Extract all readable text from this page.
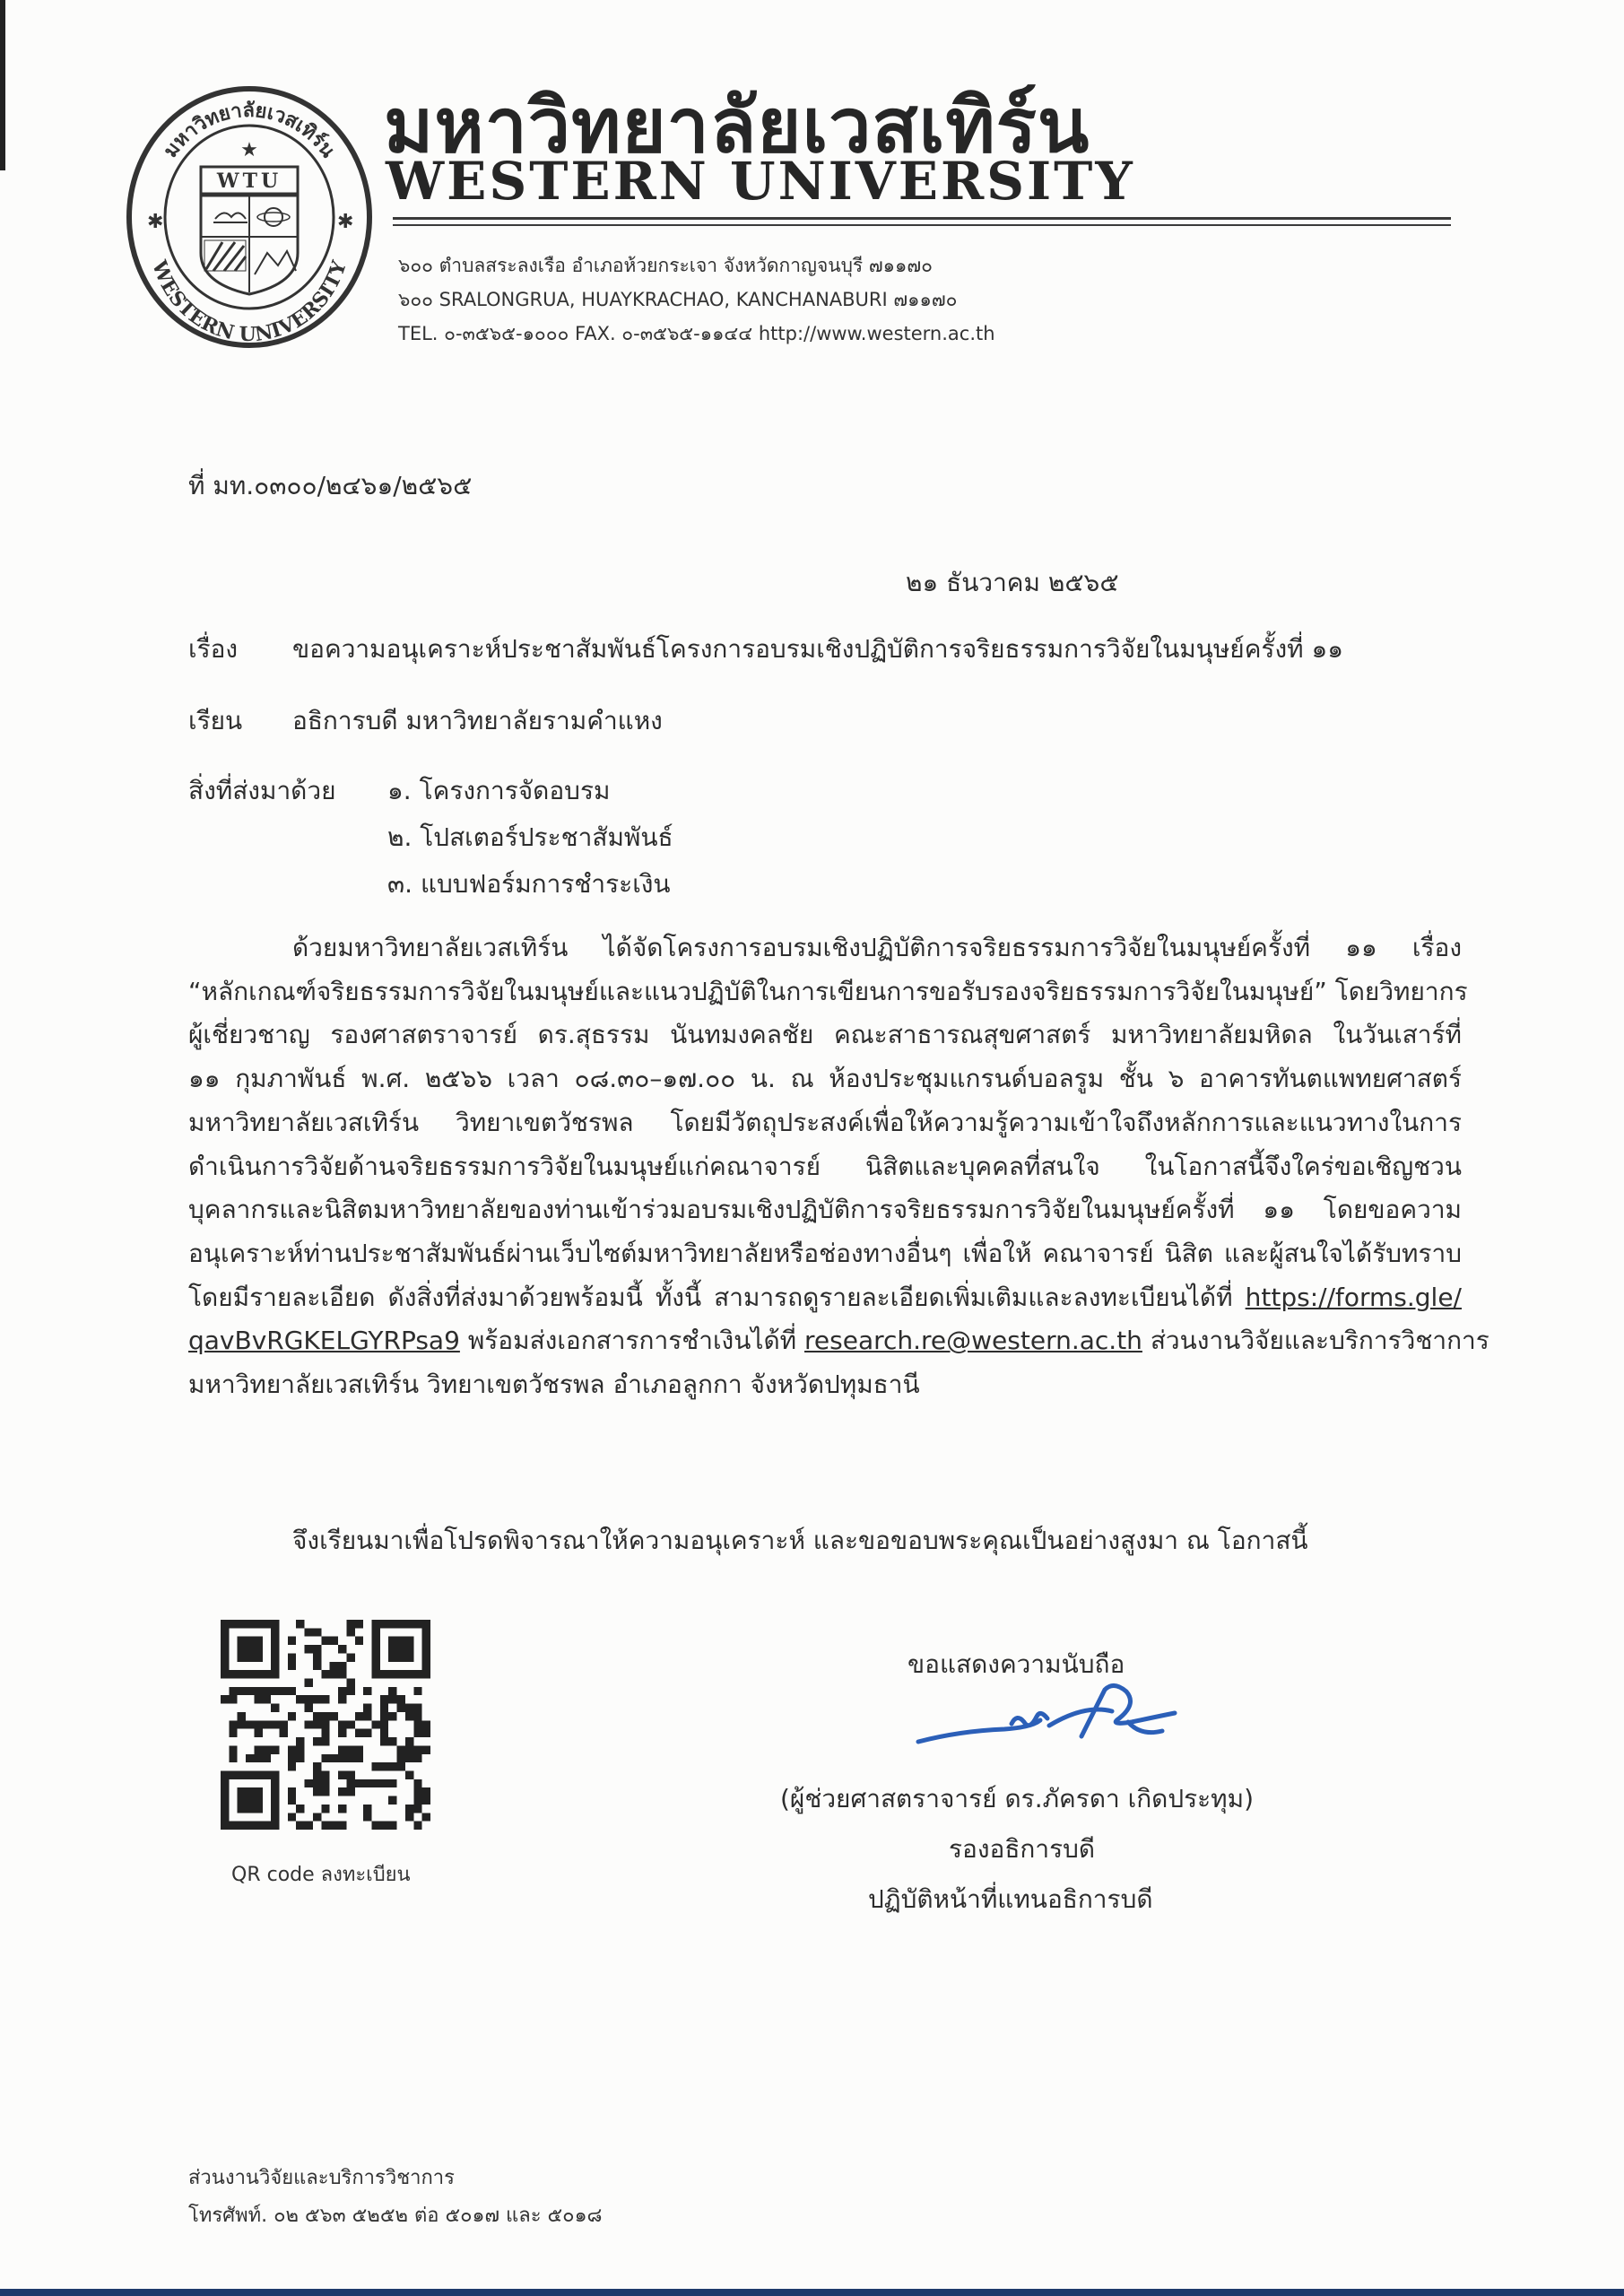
มหาวิทยาลัยเวสเทิร์น
WESTERN UNIVERSITY
★
✱	✱
WTU
มหาวิทยาลัยเวสเทิร์น
WESTERN UNIVERSITY
๖๐๐ ตำบลสระลงเรือ อำเภอห้วยกระเจา จังหวัดกาญจนบุรี ๗๑๑๗๐
๖๐๐ SRALONGRUA, HUAYKRACHAO, KANCHANABURI ๗๑๑๗๐
TEL. ๐-๓๕๖๕-๑๐๐๐ FAX. ๐-๓๕๖๕-๑๑๔๔ http://www.western.ac.th
ที่ มท.๐๓๐๐/๒๔๖๑/๒๕๖๕
๒๑ ธันวาคม ๒๕๖๕
เรื่อง ขอความอนุเคราะห์ประชาสัมพันธ์โครงการอบรมเชิงปฏิบัติการจริยธรรมการวิจัยในมนุษย์ครั้งที่ ๑๑
เรียน อธิการบดี มหาวิทยาลัยรามคำแหง
สิ่งที่ส่งมาด้วย ๑. โครงการจัดอบรม
๒. โปสเตอร์ประชาสัมพันธ์
๓. แบบฟอร์มการชำระเงิน
ด้วยมหาวิทยาลัยเวสเทิร์น ได้จัดโครงการอบรมเชิงปฏิบัติการจริยธรรมการวิจัยในมนุษย์ครั้งที่ ๑๑ เรื่อง
“หลักเกณฑ์จริยธรรมการวิจัยในมนุษย์และแนวปฏิบัติในการเขียนการขอรับรองจริยธรรมการวิจัยในมนุษย์” โดยวิทยากร
ผู้เชี่ยวชาญ รองศาสตราจารย์ ดร.สุธรรม นันทมงคลชัย คณะสาธารณสุขศาสตร์ มหาวิทยาลัยมหิดล ในวันเสาร์ที่
๑๑ กุมภาพันธ์ พ.ศ. ๒๕๖๖ เวลา ๐๘.๓๐–๑๗.๐๐ น. ณ ห้องประชุมแกรนด์บอลรูม ชั้น ๖ อาคารทันตแพทยศาสตร์
มหาวิทยาลัยเวสเทิร์น วิทยาเขตวัชรพล โดยมีวัตถุประสงค์เพื่อให้ความรู้ความเข้าใจถึงหลักการและแนวทางในการ
ดำเนินการวิจัยด้านจริยธรรมการวิจัยในมนุษย์แก่คณาจารย์ นิสิตและบุคคลที่สนใจ ในโอกาสนี้จึงใคร่ขอเชิญชวน
บุคลากรและนิสิตมหาวิทยาลัยของท่านเข้าร่วมอบรมเชิงปฏิบัติการจริยธรรมการวิจัยในมนุษย์ครั้งที่ ๑๑ โดยขอความ
อนุเคราะห์ท่านประชาสัมพันธ์ผ่านเว็บไซต์มหาวิทยาลัยหรือช่องทางอื่นๆ เพื่อให้ คณาจารย์ นิสิต และผู้สนใจได้รับทราบ
โดยมีรายละเอียด ดังสิ่งที่ส่งมาด้วยพร้อมนี้ ทั้งนี้ สามารถดูรายละเอียดเพิ่มเติมและลงทะเบียนได้ที่ https://forms.gle/
qavBvRGKELGYRPsa9 พร้อมส่งเอกสารการชำเงินได้ที่ research.re@western.ac.th ส่วนงานวิจัยและบริการวิชาการ
มหาวิทยาลัยเวสเทิร์น วิทยาเขตวัชรพล อำเภอลูกกา จังหวัดปทุมธานี
จึงเรียนมาเพื่อโปรดพิจารณาให้ความอนุเคราะห์ และขอขอบพระคุณเป็นอย่างสูงมา ณ โอกาสนี้
QR code ลงทะเบียน
ขอแสดงความนับถือ
(ผู้ช่วยศาสตราจารย์ ดร.ภัครดา เกิดประทุม)
รองอธิการบดี
ปฏิบัติหน้าที่แทนอธิการบดี
ส่วนงานวิจัยและบริการวิชาการ
โทรศัพท์. ๐๒ ๕๖๓ ๕๒๕๒ ต่อ ๕๐๑๗ และ ๕๐๑๘
